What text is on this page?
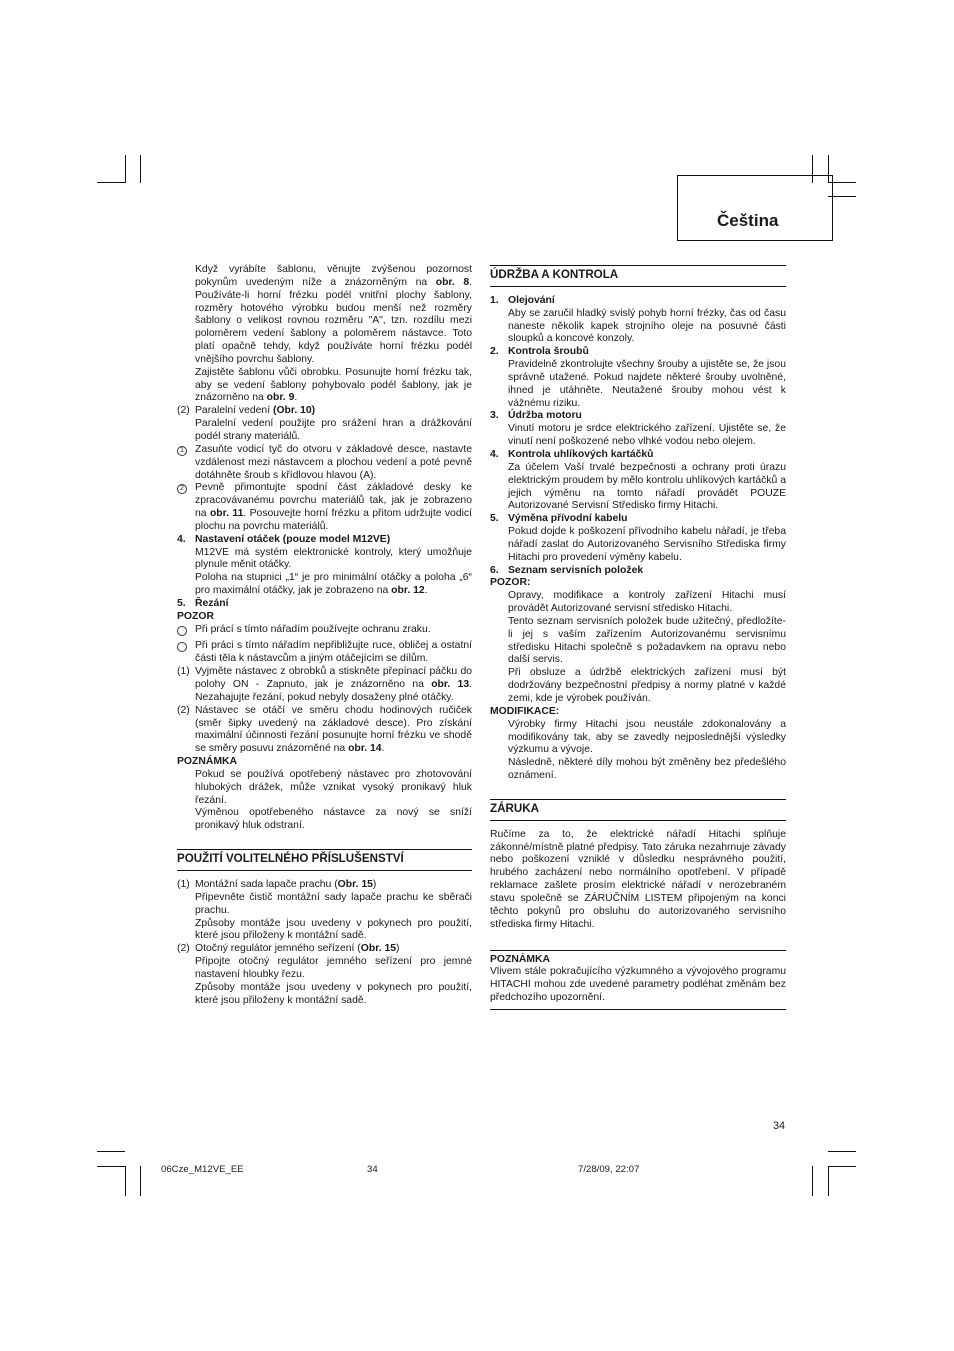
Čeština

Když vyrábíte šablonu, věnujte zvýšenou pozornost pokynům uvedeným níže a znázorněným na obr. 8. Používáte-li horní frézku podél vnitřní plochy šablony, rozměry hotového výrobku budou menší než rozměry šablony o velikost rovnou rozměru "A", tzn. rozdílu mezi poloměrem vedení šablony a poloměrem nástavce. Toto platí opačně tehdy, když používáte horní frézku podél vnějšího povrchu šablony.

Zajistěte šablonu vůči obrobku. Posunujte horní frézku tak, aby se vedení šablony pohybovalo podél šablony, jak je znázorněno na obr. 9.

(2) Paralelní vedení (Obr. 10)
Paralelní vedení použijte pro srážení hran a drážkování podél strany materiálů.
1	Zasuňte vodicí tyč do otvoru v základové desce, nastavte vzdálenost mezi nástavcem a plochou vedení a poté pevně dotáhněte šroub s křídlovou hlavou (A).
2	Pevně přimontujte spodní část základové desky ke zpracovávanému povrchu materiálů tak, jak je zobrazeno na obr. 11. Posouvejte horní frézku a přitom udržujte vodicí plochu na povrchu materiálů.
4. Nastavení otáček (pouze model M12VE)

M12VE má systém elektronické kontroly, který umožňuje plynule měnit otáčky.

Poloha na stupnici „1“ je pro minimální otáčky a poloha „6“ pro maximální otáčky, jak je zobrazeno na obr. 12.

5. Řezání

POZOR

Při prácí s tímto nářadím používejte ochranu zraku.
Při práci s tímto nářadím nepřibližujte ruce, obličej a ostatní části těla k nástavcům a jiným otáčejícím se dílům.
(1) Vyjměte nástavec z obrobků a stiskněte přepínací páčku do polohy ON - Zapnuto, jak je znázorněno na obr. 13. Nezahajujte řezání, pokud nebyly dosaženy plné otáčky.
(2) Nástavec se otáčí ve směru chodu hodinových ručiček (směr šipky uvedený na základové desce). Pro získání maximální účinnosti řezání posunujte horní frézku ve shodě se směry posuvu znázorněné na obr. 14.

POZNÁMKA

Pokud se používá opotřebený nástavec pro zhotovování hlubokých drážek, může vznikat vysoký pronikavý hluk řezání.

Výměnou opotřebeného nástavce za nový se sníží pronikavý hluk odstraní.

POUŽITÍ VOLITELNÉHO PŘÍSLUŠENSTVÍ
(1) Montážní sada lapače prachu (Obr. 15)
Připevněte čistič montážní sady lapače prachu ke sběrači prachu.
Způsoby montáže jsou uvedeny v pokynech pro použití, které jsou přiloženy k montážní sadě.
(2) Otočný regulátor jemného seřízení (Obr. 15)
Připojte otočný regulátor jemného seřízení pro jemné nastavení hloubky řezu.
Způsoby montáže jsou uvedeny v pokynech pro použití, které jsou přiloženy k montážní sadě.
ÚDRŽBA A KONTROLA
1. Olejování

Aby se zaručil hladký svislý pohyb horní frézky, čas od času naneste několik kapek strojního oleje na posuvné části sloupků a koncové konzoly.

2. Kontrola šroubů

Pravidelně zkontrolujte všechny šrouby a ujistěte se, že jsou správně utažené. Pokud najdete některé šrouby uvolněné, ihned je utáhněte. Neutažené šrouby mohou vést k vážnému riziku.

3. Údržba motoru

Vinutí motoru je srdce elektrického zařízení. Ujistěte se, že vinutí není poškozené nebo vlhké vodou nebo olejem.

4. Kontrola uhlíkových kartáčků

Za účelem Vaší trvalé bezpečnosti a ochrany proti úrazu elektrickým proudem by mělo kontrolu uhlíkových kartáčků a jejich výměnu na tomto nářadí provádět POUZE Autorizované Servisní Středisko firmy Hitachi.

5. Výměna přívodní kabelu

Pokud dojde k poškození přívodního kabelu nářadí, je třeba nářadí zaslat do Autorizovaného Servisního Střediska firmy Hitachi pro provedení výměny kabelu.

6. Seznam servisních položek

POZOR:

Opravy, modifikace a kontroly zařízení Hitachi musí provádět Autorizované servisní středisko Hitachi.

Tento seznam servisních položek bude užitečný, předložíte-li jej s vaším zařízením Autorizovanému servisnímu středisku Hitachi společně s požadavkem na opravu nebo další servis.

Při obsluze a údržbě elektrických zařízení musí být dodržovány bezpečnostní předpisy a normy platné v každé zemi, kde je výrobek používán.

MODIFIKACE:

Výrobky firmy Hitachi jsou neustále zdokonalovány a modifikovány tak, aby se zavedly nejposlednější výsledky výzkumu a vývoje.

Následně, některé díly mohou být změněny bez předešlého oznámení.

ZÁRUKA

Ručíme za to, že elektrické nářadí Hitachi splňuje zákonné/místně platné předpisy. Tato záruka nezahrnuje závady nebo poškození vzniklé v důsledku nesprávného použití, hrubého zacházení nebo normálního opotřebení. V případě reklamace zašlete prosím elektrické nářadí v nerozebraném stavu společně se ZÁRUČNÍM LISTEM připojeným na konci těchto pokynů pro obsluhu do autorizovaného servisního střediska firmy Hitachi.

POZNÁMKA

Vlivem stále pokračujícího výzkumného a vývojového programu HITACHI mohou zde uvedené parametry podléhat změnám bez předchozího upozornění.

34
06Cze_M12VE_EE	34	7/28/09, 22:07
